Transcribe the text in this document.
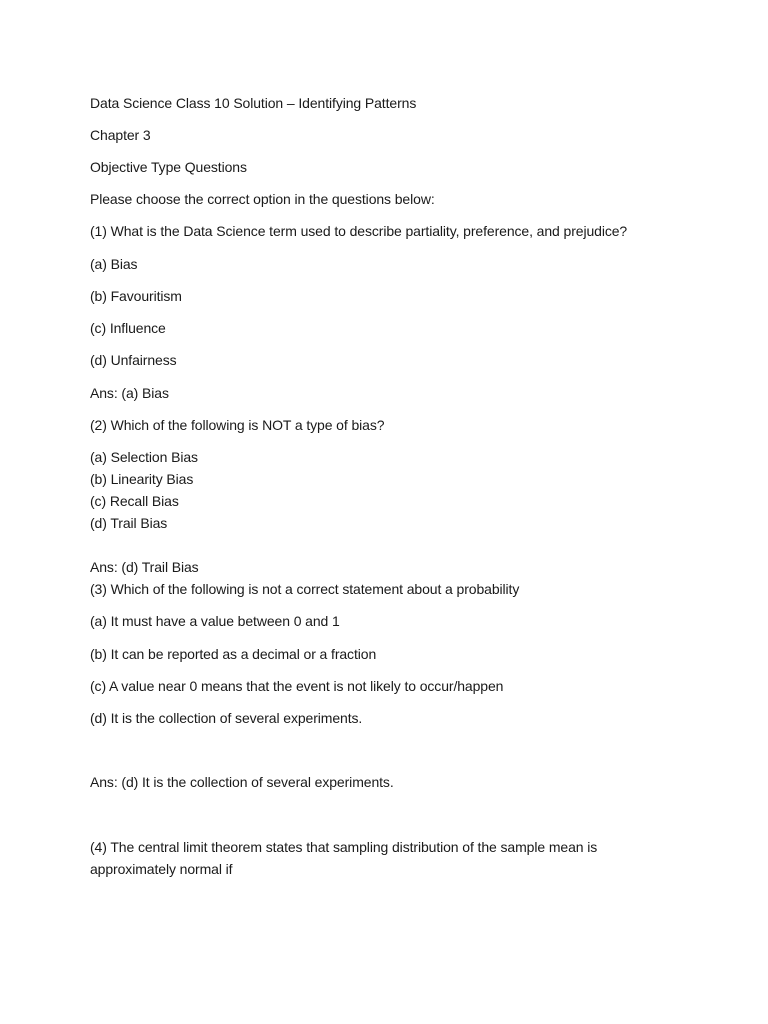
Data Science Class 10 Solution – Identifying Patterns
Chapter 3
Objective Type Questions
Please choose the correct option in the questions below:
(1) What is the Data Science term used to describe partiality, preference, and prejudice?
(a) Bias
(b) Favouritism
(c) Influence
(d) Unfairness
Ans: (a) Bias
(2) Which of the following is NOT a type of bias?
(a) Selection Bias
(b) Linearity Bias
(c) Recall Bias
(d) Trail Bias
Ans: (d) Trail Bias
(3) Which of the following is not a correct statement about a probability
(a) It must have a value between 0 and 1
(b) It can be reported as a decimal or a fraction
(c) A value near 0 means that the event is not likely to occur/happen
(d) It is the collection of several experiments.
Ans: (d) It is the collection of several experiments.
(4) The central limit theorem states that sampling distribution of the sample mean is approximately normal if
